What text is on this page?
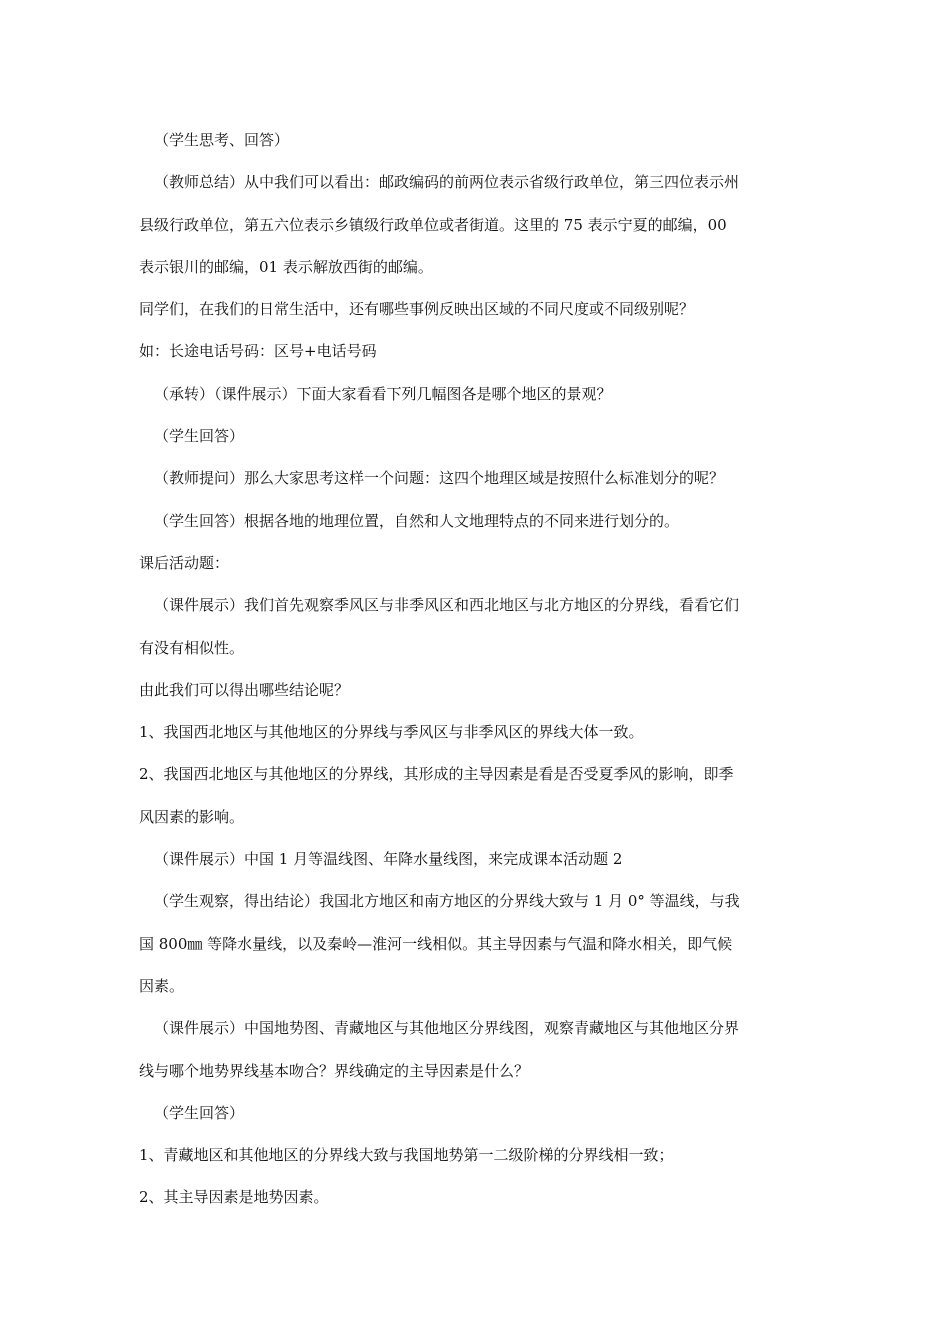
（学生思考、回答）
（教师总结）从中我们可以看出：邮政编码的前两位表示省级行政单位，第三四位表示州
县级行政单位，第五六位表示乡镇级行政单位或者街道。这里的 75 表示宁夏的邮编，00
表示银川的邮编，01 表示解放西街的邮编。
同学们，在我们的日常生活中，还有哪些事例反映出区域的不同尺度或不同级别呢？
如：长途电话号码：区号+电话号码
（承转）（课件展示）下面大家看看下列几幅图各是哪个地区的景观？
（学生回答）
（教师提问）那么大家思考这样一个问题：这四个地理区域是按照什么标准划分的呢？
（学生回答）根据各地的地理位置，自然和人文地理特点的不同来进行划分的。
课后活动题：
（课件展示）我们首先观察季风区与非季风区和西北地区与北方地区的分界线，看看它们
有没有相似性。
由此我们可以得出哪些结论呢？
1、我国西北地区与其他地区的分界线与季风区与非季风区的界线大体一致。
2、我国西北地区与其他地区的分界线，其形成的主导因素是看是否受夏季风的影响，即季
风因素的影响。
（课件展示）中国 1 月等温线图、年降水量线图，来完成课本活动题 2
（学生观察，得出结论）我国北方地区和南方地区的分界线大致与 1 月 0° 等温线，与我
国 800㎜ 等降水量线，以及秦岭—淮河一线相似。其主导因素与气温和降水相关，即气候
因素。
（课件展示）中国地势图、青藏地区与其他地区分界线图，观察青藏地区与其他地区分界
线与哪个地势界线基本吻合？界线确定的主导因素是什么？
（学生回答）
1、青藏地区和其他地区的分界线大致与我国地势第一二级阶梯的分界线相一致；
2、其主导因素是地势因素。
